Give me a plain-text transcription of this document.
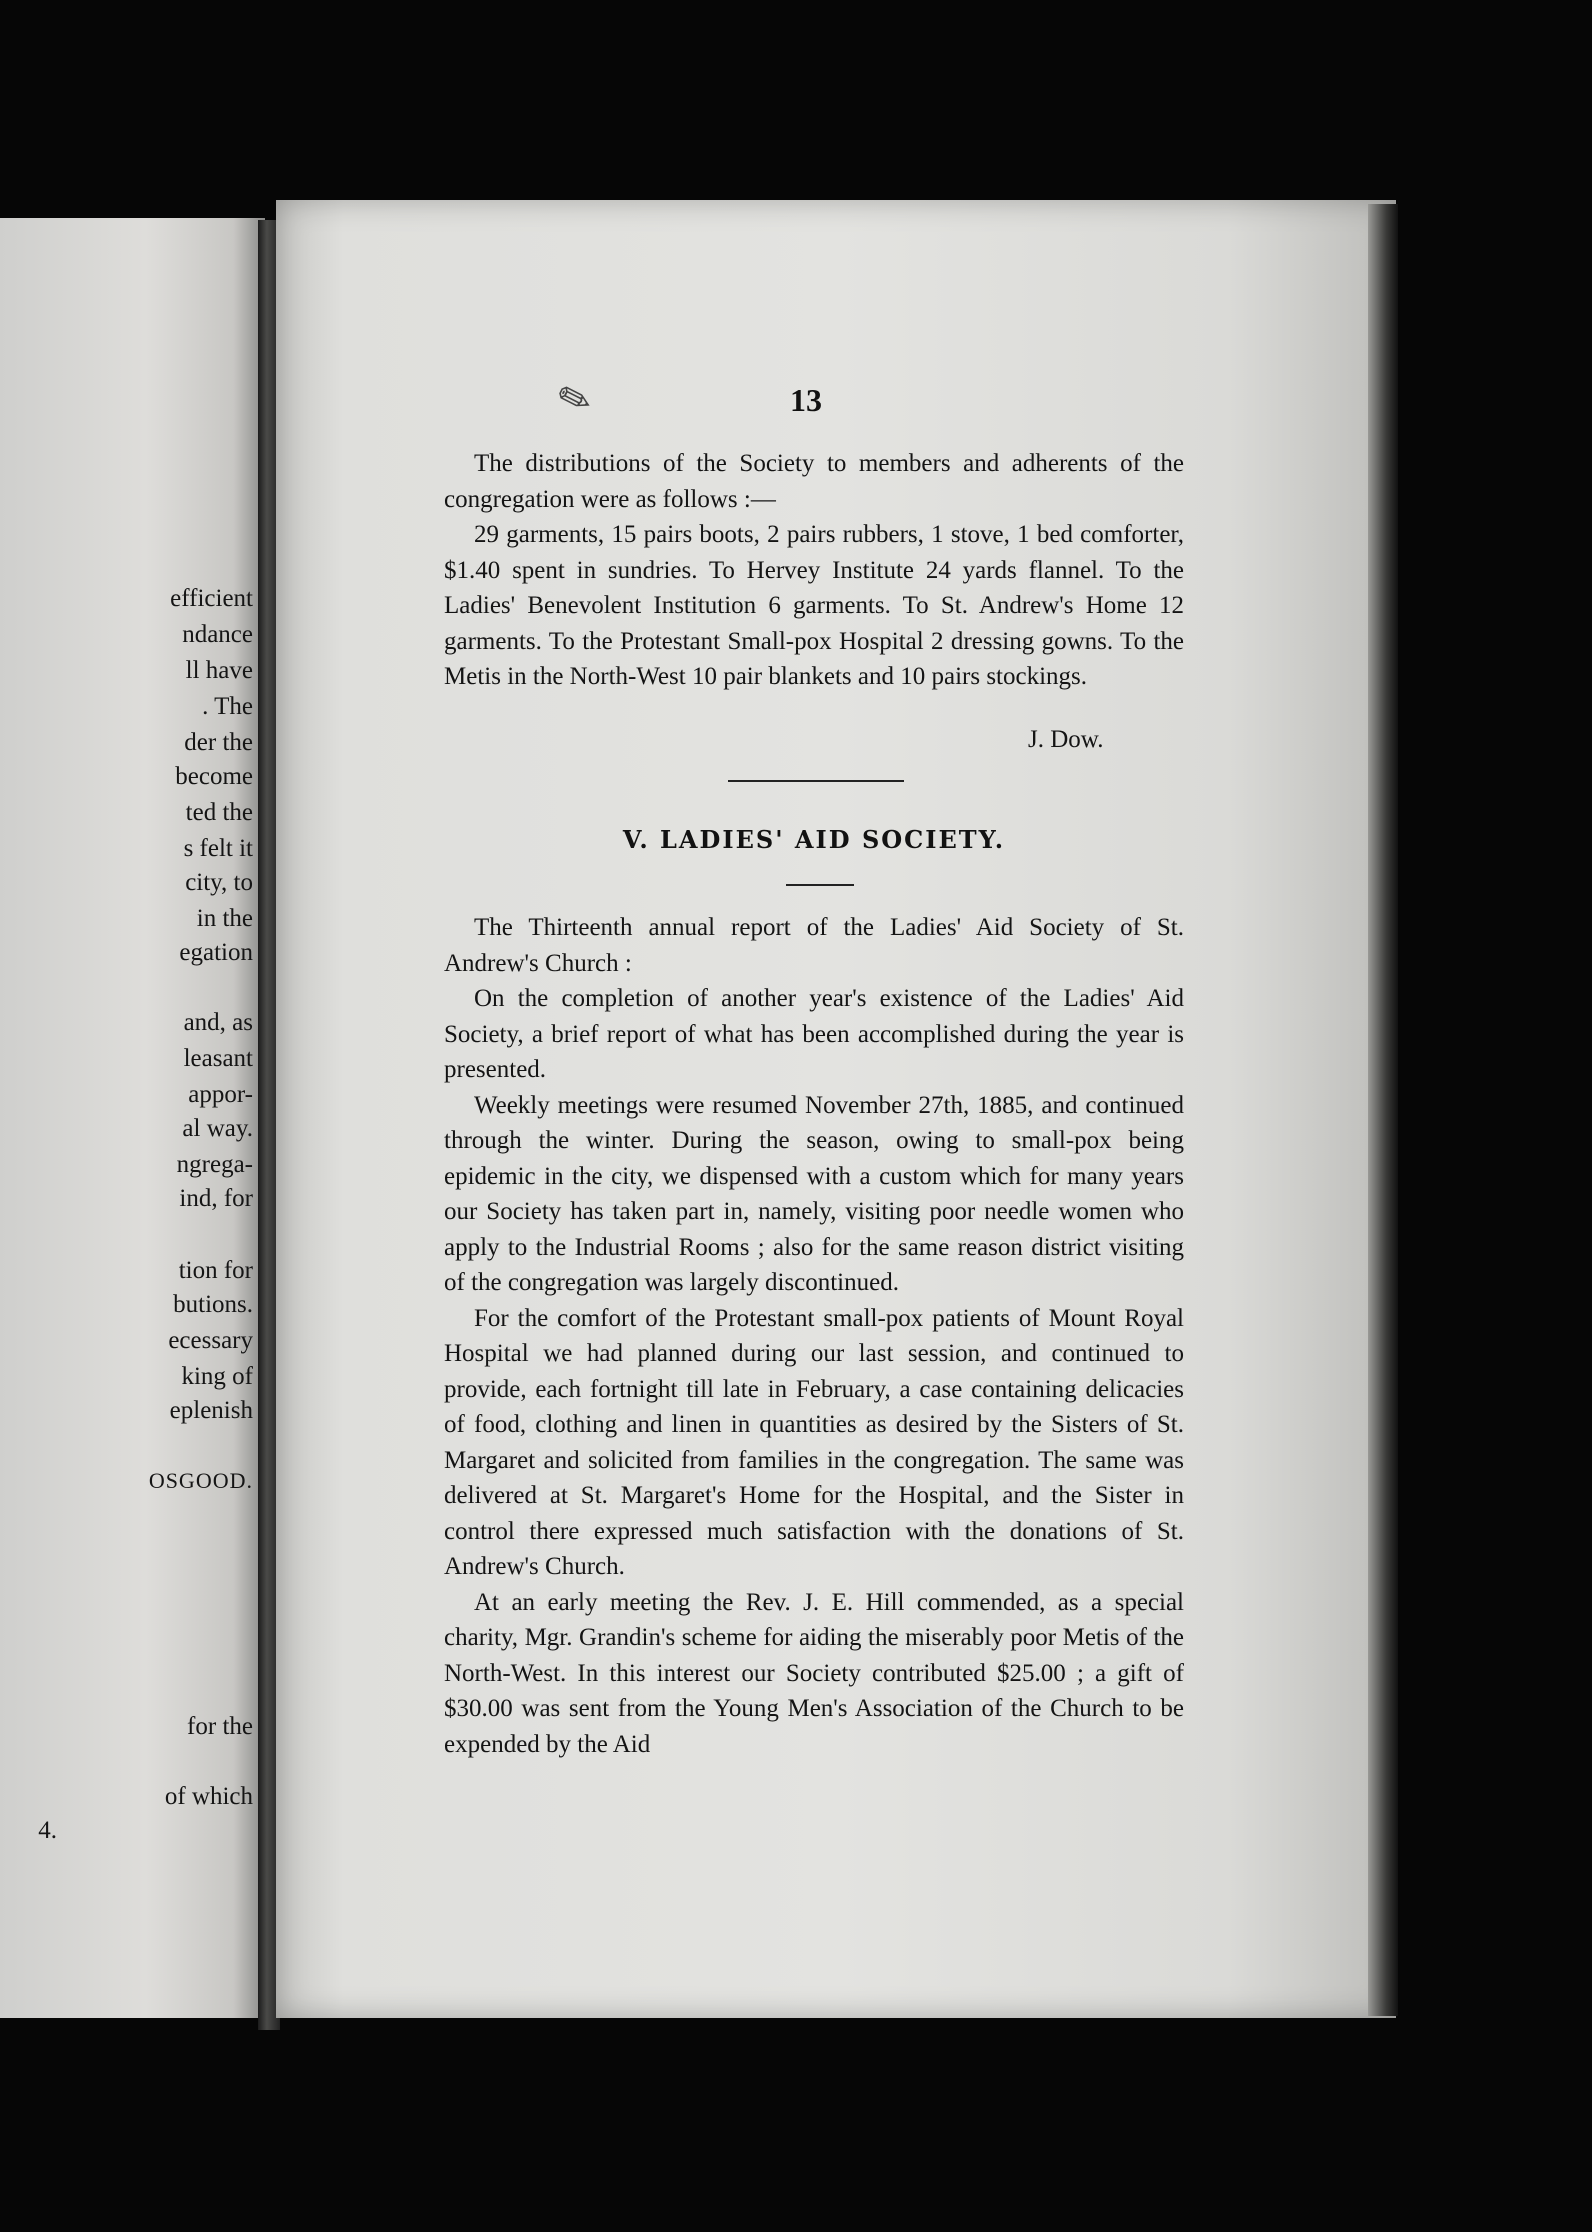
efficient
ndance
ll have
. The
der the
become
ted the
s felt it
city, to
in the
egation
and, as
leasant
appor-
al way.
ngrega-
ind, for
tion for
butions.
ecessary
king of
eplenish
OSGOOD.
for the
of which
4.
✎	13

The distributions of the Society to members and adherents of the congregation were as follows :—

29 garments, 15 pairs boots, 2 pairs rubbers, 1 stove, 1 bed comforter, $1.40 spent in sundries. To Hervey Institute 24 yards flannel. To the Ladies' Benevolent Institution 6 garments. To St. Andrew's Home 12 garments. To the Protestant Small-pox Hospital 2 dressing gowns. To the Metis in the North-West 10 pair blankets and 10 pairs stockings.

J. Dow.
V. LADIES' AID SOCIETY.

The Thirteenth annual report of the Ladies' Aid Society of St. Andrew's Church :

On the completion of another year's existence of the Ladies' Aid Society, a brief report of what has been accomplished during the year is presented.

Weekly meetings were resumed November 27th, 1885, and continued through the winter. During the season, owing to small-pox being epidemic in the city, we dispensed with a custom which for many years our Society has taken part in, namely, visiting poor needle women who apply to the Industrial Rooms ; also for the same reason district visiting of the congregation was largely discontinued.

For the comfort of the Protestant small-pox patients of Mount Royal Hospital we had planned during our last session, and continued to provide, each fortnight till late in February, a case containing delicacies of food, clothing and linen in quantities as desired by the Sisters of St. Margaret and solicited from families in the congregation. The same was delivered at St. Margaret's Home for the Hospital, and the Sister in control there expressed much satisfaction with the donations of St. Andrew's Church.

At an early meeting the Rev. J. E. Hill commended, as a special charity, Mgr. Grandin's scheme for aiding the miserably poor Metis of the North-West. In this interest our Society contributed $25.00 ; a gift of $30.00 was sent from the Young Men's Association of the Church to be expended by the Aid
